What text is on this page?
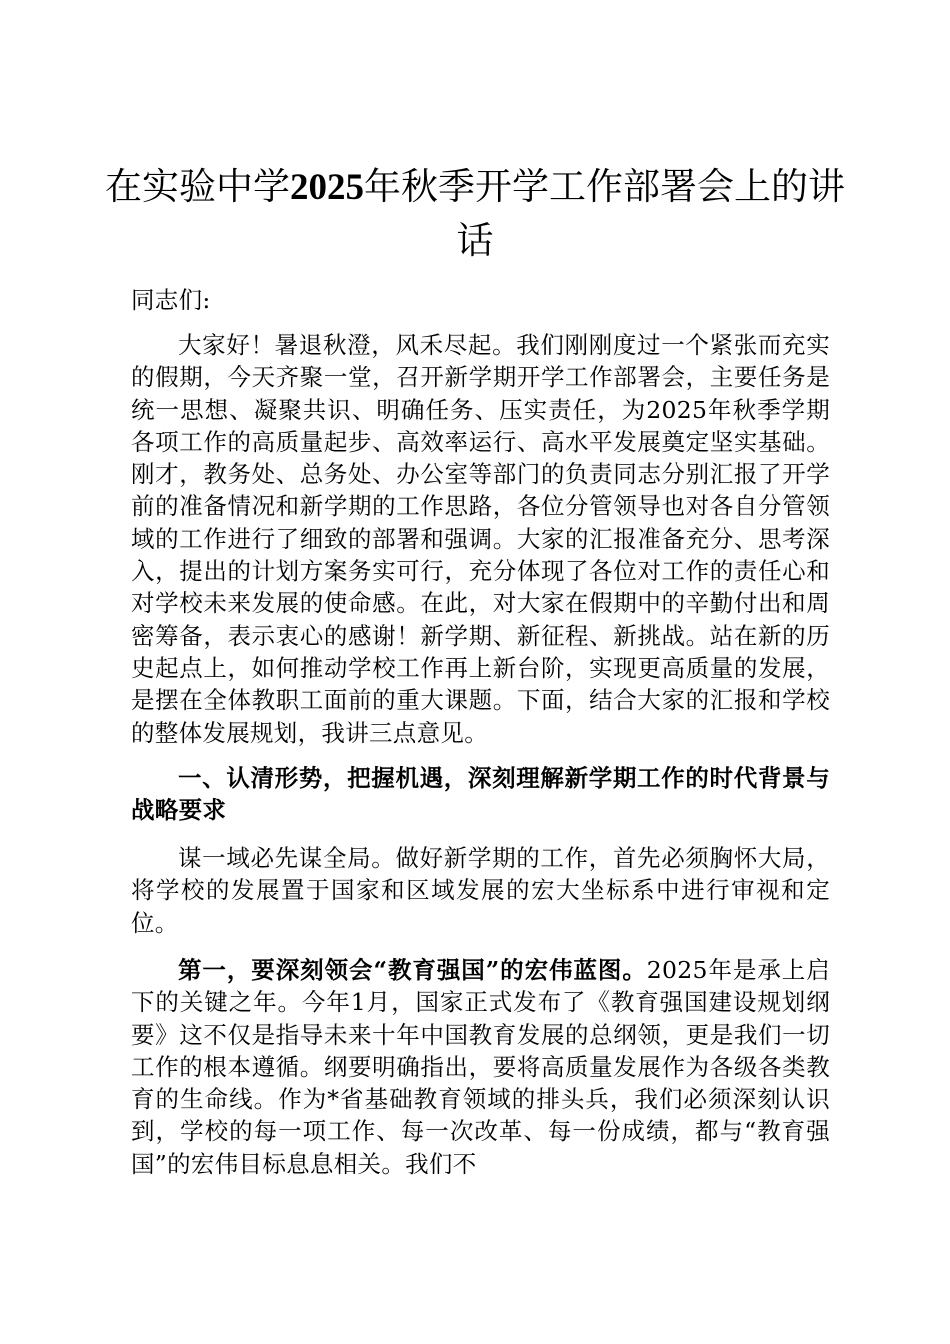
在实验中学2025年秋季开学工作部署会上的讲话

同志们:

大家好！暑退秋澄，风禾尽起。我们刚刚度过一个紧张而充实的假期，今天齐聚一堂，召开新学期开学工作部署会，主要任务是统一思想、凝聚共识、明确任务、压实责任，为2025年秋季学期各项工作的高质量起步、高效率运行、高水平发展奠定坚实基础。刚才，教务处、总务处、办公室等部门的负责同志分别汇报了开学前的准备情况和新学期的工作思路，各位分管领导也对各自分管领域的工作进行了细致的部署和强调。大家的汇报准备充分、思考深入，提出的计划方案务实可行，充分体现了各位对工作的责任心和对学校未来发展的使命感。在此，对大家在假期中的辛勤付出和周密筹备，表示衷心的感谢！新学期、新征程、新挑战。站在新的历史起点上，如何推动学校工作再上新台阶，实现更高质量的发展，是摆在全体教职工面前的重大课题。下面，结合大家的汇报和学校的整体发展规划，我讲三点意见。

一、认清形势，把握机遇，深刻理解新学期工作的时代背景与战略要求

谋一域必先谋全局。做好新学期的工作，首先必须胸怀大局，将学校的发展置于国家和区域发展的宏大坐标系中进行审视和定位。

第一，要深刻领会“教育强国”的宏伟蓝图。2025年是承上启下的关键之年。今年1月，国家正式发布了《教育强国建设规划纲要》这不仅是指导未来十年中国教育发展的总纲领，更是我们一切工作的根本遵循。纲要明确指出，要将高质量发展作为各级各类教育的生命线。作为*省基础教育领域的排头兵，我们必须深刻认识到，学校的每一项工作、每一次改革、每一份成绩，都与“教育强国”的宏伟目标息息相关。我们不
